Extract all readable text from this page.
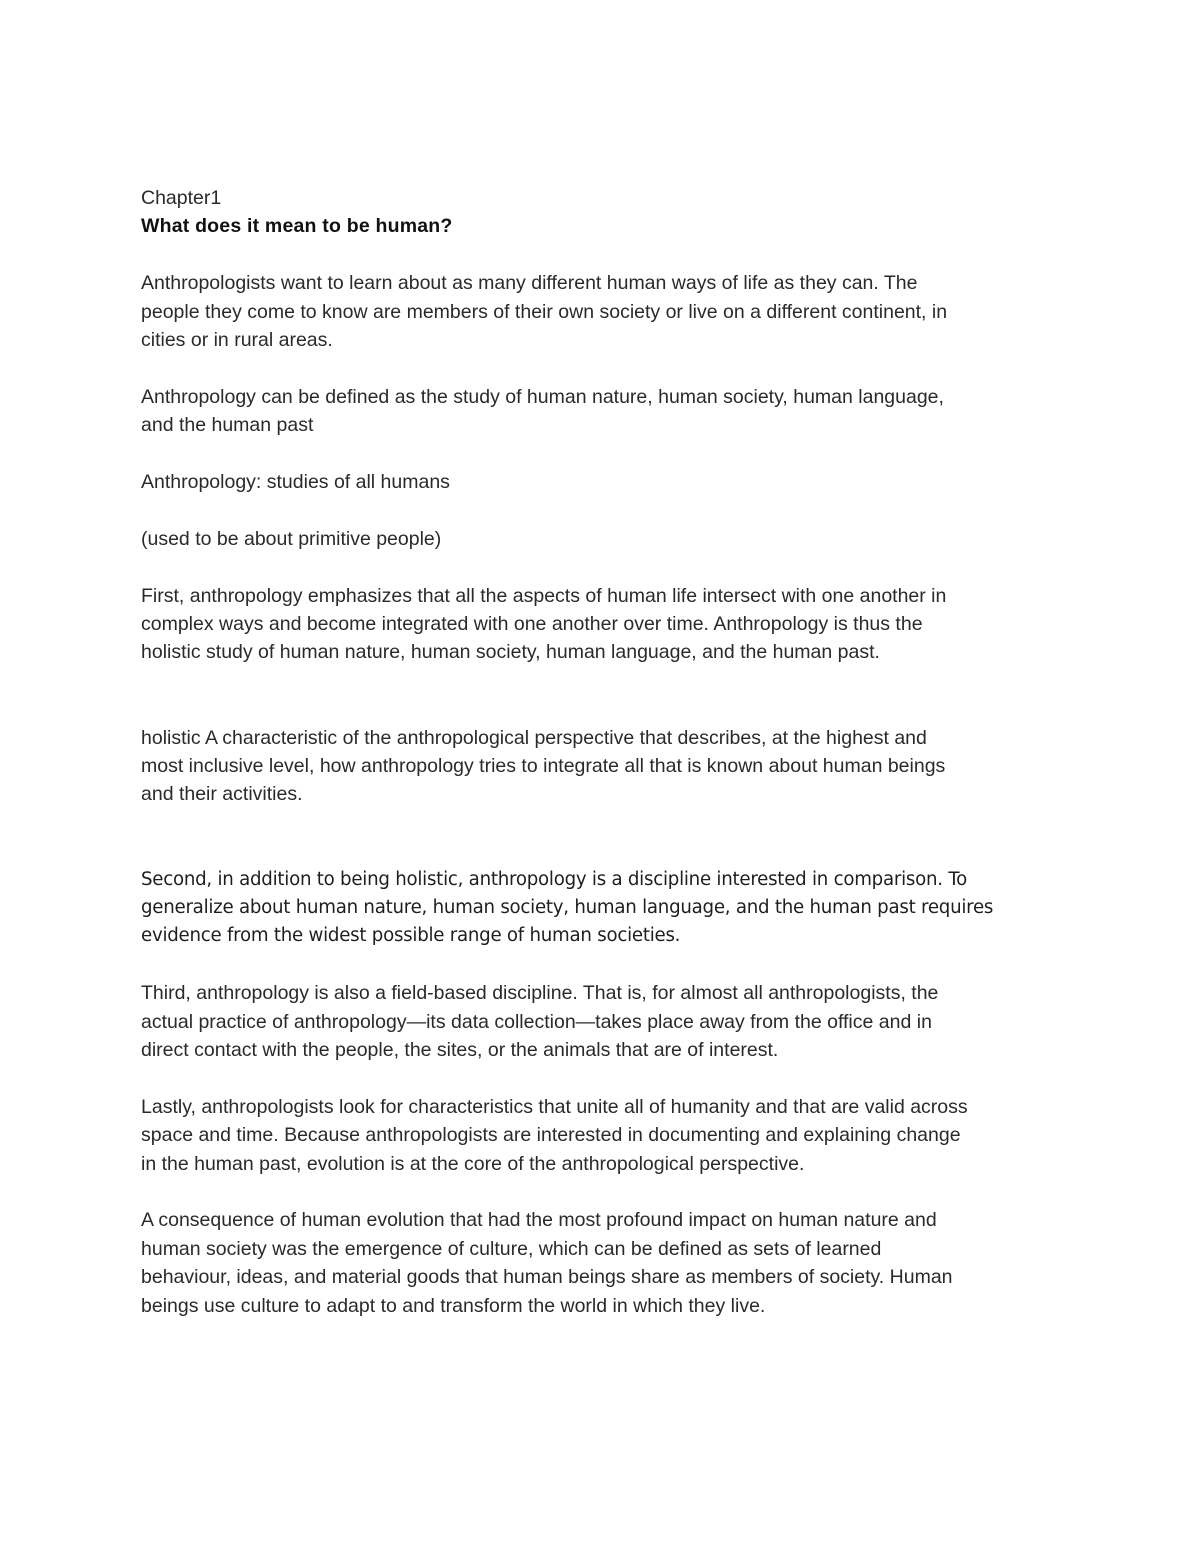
Chapter1

What does it mean to be human?

Anthropologists want to learn about as many different human ways of life as they can. The
people they come to know are members of their own society or live on a different continent, in
cities or in rural areas.

Anthropology can be defined as the study of human nature, human society, human language,
and the human past

Anthropology: studies of all humans

(used to be about primitive people)

First, anthropology emphasizes that all the aspects of human life intersect with one another in
complex ways and become integrated with one another over time. Anthropology is thus the
holistic study of human nature, human society, human language, and the human past.

holistic A characteristic of the anthropological perspective that describes, at the highest and
most inclusive level, how anthropology tries to integrate all that is known about human beings
and their activities.

Second, in addition to being holistic, anthropology is a discipline interested in comparison. To
generalize about human nature, human society, human language, and the human past requires
evidence from the widest possible range of human societies.

Third, anthropology is also a field-based discipline. That is, for almost all anthropologists, the
actual practice of anthropology—its data collection—takes place away from the office and in
direct contact with the people, the sites, or the animals that are of interest.

Lastly, anthropologists look for characteristics that unite all of humanity and that are valid across
space and time. Because anthropologists are interested in documenting and explaining change
in the human past, evolution is at the core of the anthropological perspective.

A consequence of human evolution that had the most profound impact on human nature and
human society was the emergence of culture, which can be defined as sets of learned
behaviour, ideas, and material goods that human beings share as members of society. Human
beings use culture to adapt to and transform the world in which they live.
